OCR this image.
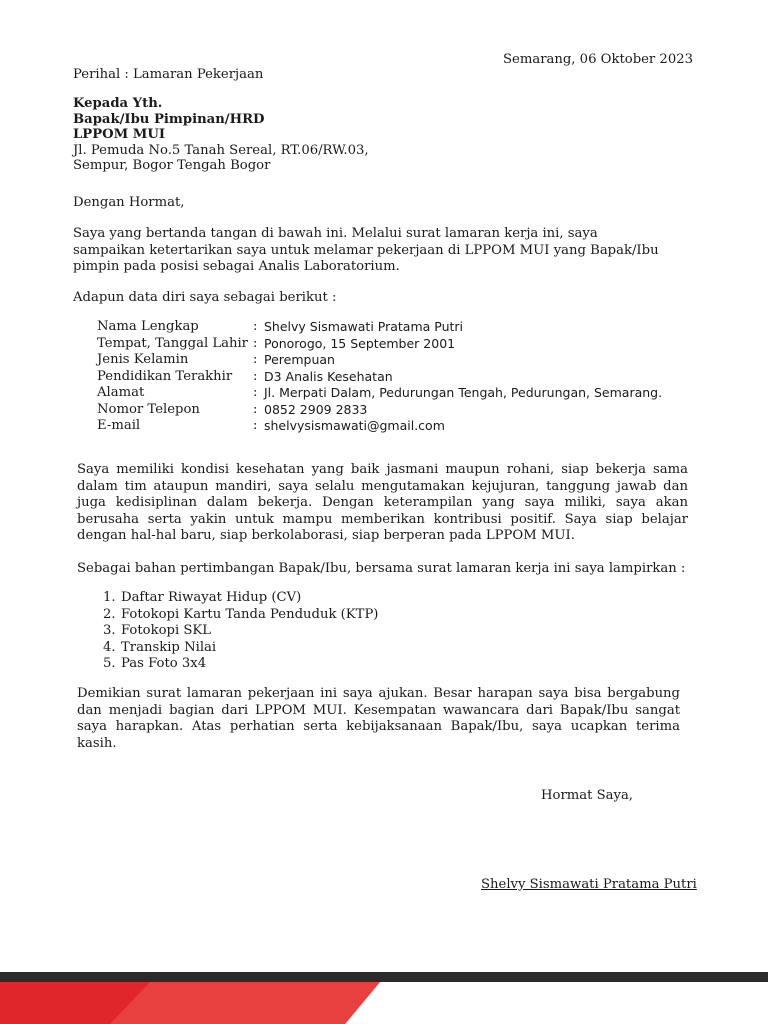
Semarang, 06 Oktober 2023
Perihal : Lamaran Pekerjaan
Kepada Yth.
Bapak/Ibu Pimpinan/HRD
LPPOM MUI
Jl. Pemuda No.5 Tanah Sereal, RT.06/RW.03,
Sempur, Bogor Tengah Bogor
Dengan Hormat,
Saya yang bertanda tangan di bawah ini. Melalui surat lamaran kerja ini, saya sampaikan ketertarikan saya untuk melamar pekerjaan di LPPOM MUI yang Bapak/Ibu pimpin pada posisi sebagai Analis Laboratorium.
Adapun data diri saya sebagai berikut :
Nama Lengkap	:	Shelvy Sismawati Pratama Putri
Tempat, Tanggal Lahir	:	Ponorogo, 15 September 2001
Jenis Kelamin	:	Perempuan
Pendidikan Terakhir	:	D3 Analis Kesehatan
Alamat	:	Jl. Merpati Dalam, Pedurungan Tengah, Pedurungan, Semarang.
Nomor Telepon	:	0852 2909 2833
E-mail	:	shelvysismawati@gmail.com
Saya memiliki kondisi kesehatan yang baik jasmani maupun rohani, siap bekerja sama dalam tim ataupun mandiri, saya selalu mengutamakan kejujuran, tanggung jawab dan juga kedisiplinan dalam bekerja. Dengan keterampilan yang saya miliki, saya akan berusaha serta yakin untuk mampu memberikan kontribusi positif. Saya siap belajar dengan hal-hal baru, siap berkolaborasi, siap berperan pada LPPOM MUI.
Sebagai bahan pertimbangan Bapak/Ibu, bersama surat lamaran kerja ini saya lampirkan :
1. Daftar Riwayat Hidup (CV)
2. Fotokopi Kartu Tanda Penduduk (KTP)
3. Fotokopi SKL
4. Transkip Nilai
5. Pas Foto 3x4
Demikian surat lamaran pekerjaan ini saya ajukan. Besar harapan saya bisa bergabung dan menjadi bagian dari LPPOM MUI. Kesempatan wawancara dari Bapak/Ibu sangat saya harapkan. Atas perhatian serta kebijaksanaan Bapak/Ibu, saya ucapkan terima kasih.
Hormat Saya,
Shelvy Sismawati Pratama Putri
